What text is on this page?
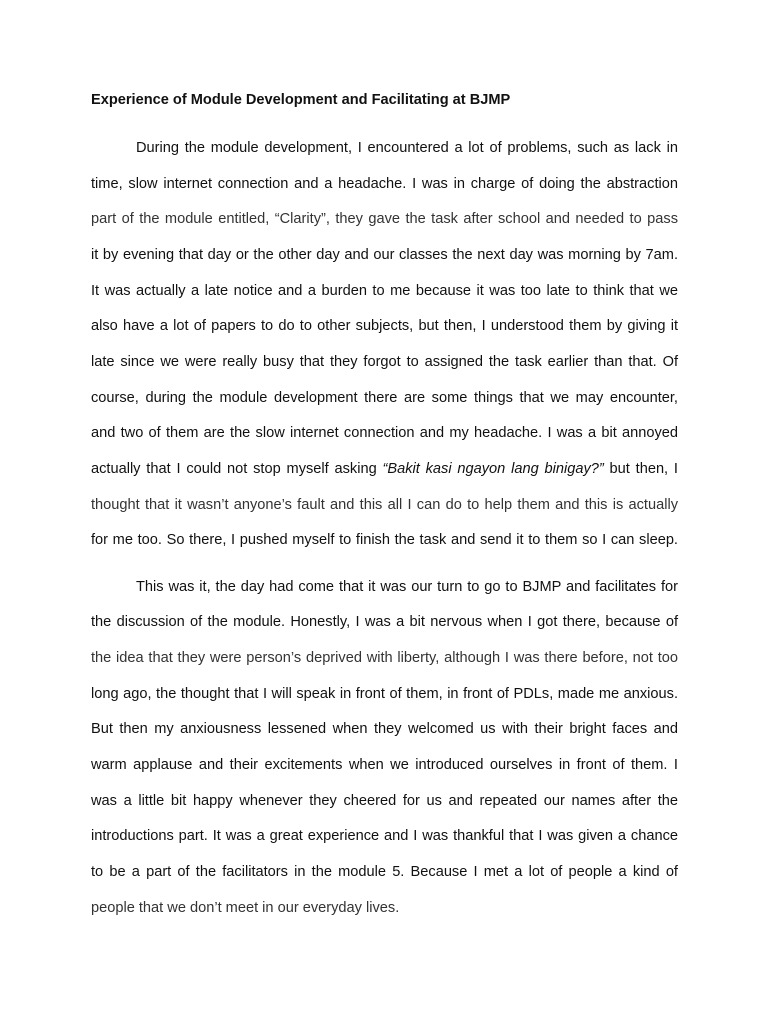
Experience of Module Development and Facilitating at BJMP

During the module development, I encountered a lot of problems, such as lack in

time, slow internet connection and a headache. I was in charge of doing the abstraction

part of the module entitled, “Clarity”, they gave the task after school and needed to pass

it by evening that day or the other day and our classes the next day was morning by 7am.

It was actually a late notice and a burden to me because it was too late to think that we

also have a lot of papers to do to other subjects, but then, I understood them by giving it

late since we were really busy that they forgot to assigned the task earlier than that. Of

course, during the module development there are some things that we may encounter,

and two of them are the slow internet connection and my headache. I was a bit annoyed

actually that I could not stop myself asking “Bakit kasi ngayon lang binigay?” but then, I

thought that it wasn’t anyone’s fault and this all I can do to help them and this is actually

for me too. So there, I pushed myself to finish the task and send it to them so I can sleep.

This was it, the day had come that it was our turn to go to BJMP and facilitates for

the discussion of the module. Honestly, I was a bit nervous when I got there, because of

the idea that they were person’s deprived with liberty, although I was there before, not too

long ago, the thought that I will speak in front of them, in front of PDLs, made me anxious.

But then my anxiousness lessened when they welcomed us with their bright faces and

warm applause and their excitements when we introduced ourselves in front of them. I

was a little bit happy whenever they cheered for us and repeated our names after the

introductions part. It was a great experience and I was thankful that I was given a chance

to be a part of the facilitators in the module 5. Because I met a lot of people a kind of

people that we don’t meet in our everyday lives.
